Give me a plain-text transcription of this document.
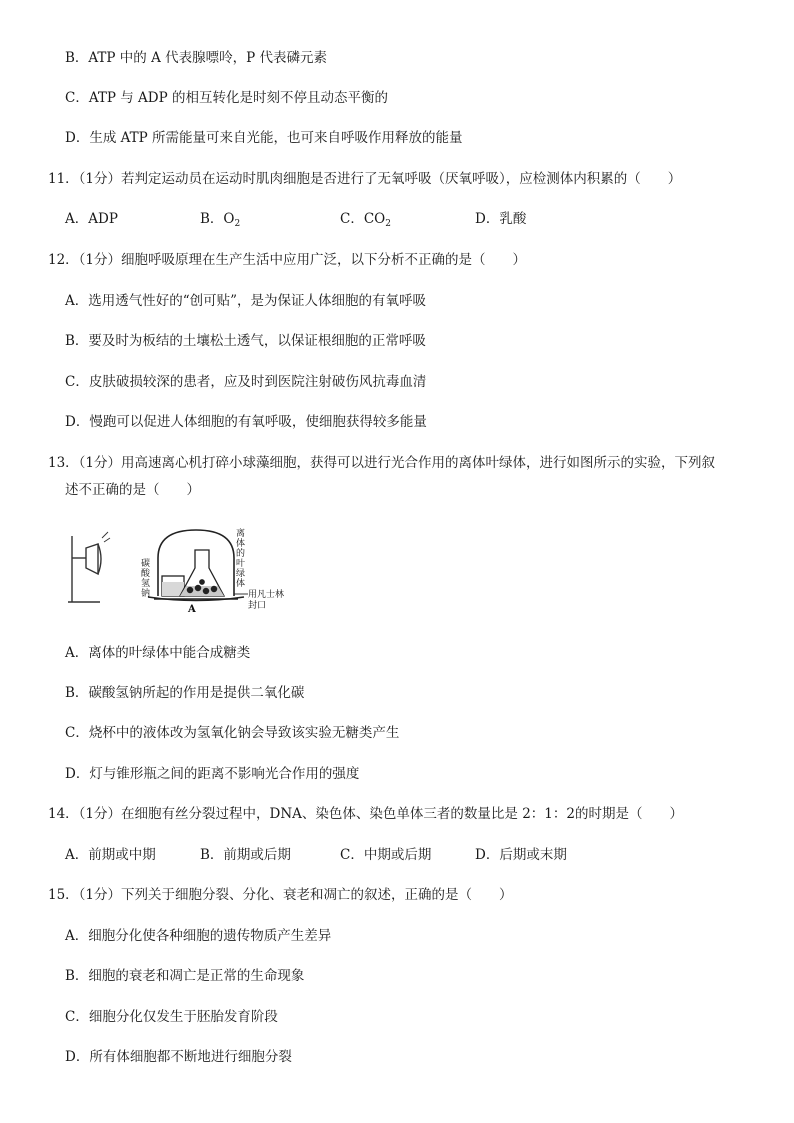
B．ATP 中的 A 代表腺嘌呤，P 代表磷元素
C．ATP 与 ADP 的相互转化是时刻不停且动态平衡的
D．生成 ATP 所需能量可来自光能，也可来自呼吸作用释放的能量
11．（1分）若判定运动员在运动时肌肉细胞是否进行了无氧呼吸（厌氧呼吸），应检测体内积累的（　　）
A．ADP	B．$O_2$	C．$CO_2$	D．乳酸
12．（1分）细胞呼吸原理在生产生活中应用广泛，以下分析不正确的是（　　）
A．选用透气性好的“创可贴”，是为保证人体细胞的有氧呼吸
B．要及时为板结的土壤松土透气，以保证根细胞的正常呼吸
C．皮肤破损较深的患者，应及时到医院注射破伤风抗毒血清
D．慢跑可以促进人体细胞的有氧呼吸，使细胞获得较多能量
13．（1分）用高速离心机打碎小球藻细胞，获得可以进行光合作用的离体叶绿体，进行如图所示的实验，下列叙
述不正确的是（　　）
碳
酸
氢
钠
离
体
的
叶
绿
体
用凡士林
封口
A
A．离体的叶绿体中能合成糖类
B．碳酸氢钠所起的作用是提供二氧化碳
C．烧杯中的液体改为氢氧化钠会导致该实验无糖类产生
D．灯与锥形瓶之间的距离不影响光合作用的强度
14．（1分）在细胞有丝分裂过程中，DNA、染色体、染色单体三者的数量比是 2：1：2的时期是（　　）
A．前期或中期	B．前期或后期	C．中期或后期	D．后期或末期
15．（1分）下列关于细胞分裂、分化、衰老和凋亡的叙述，正确的是（　　）
A．细胞分化使各种细胞的遗传物质产生差异
B．细胞的衰老和凋亡是正常的生命现象
C．细胞分化仅发生于胚胎发育阶段
D．所有体细胞都不断地进行细胞分裂
